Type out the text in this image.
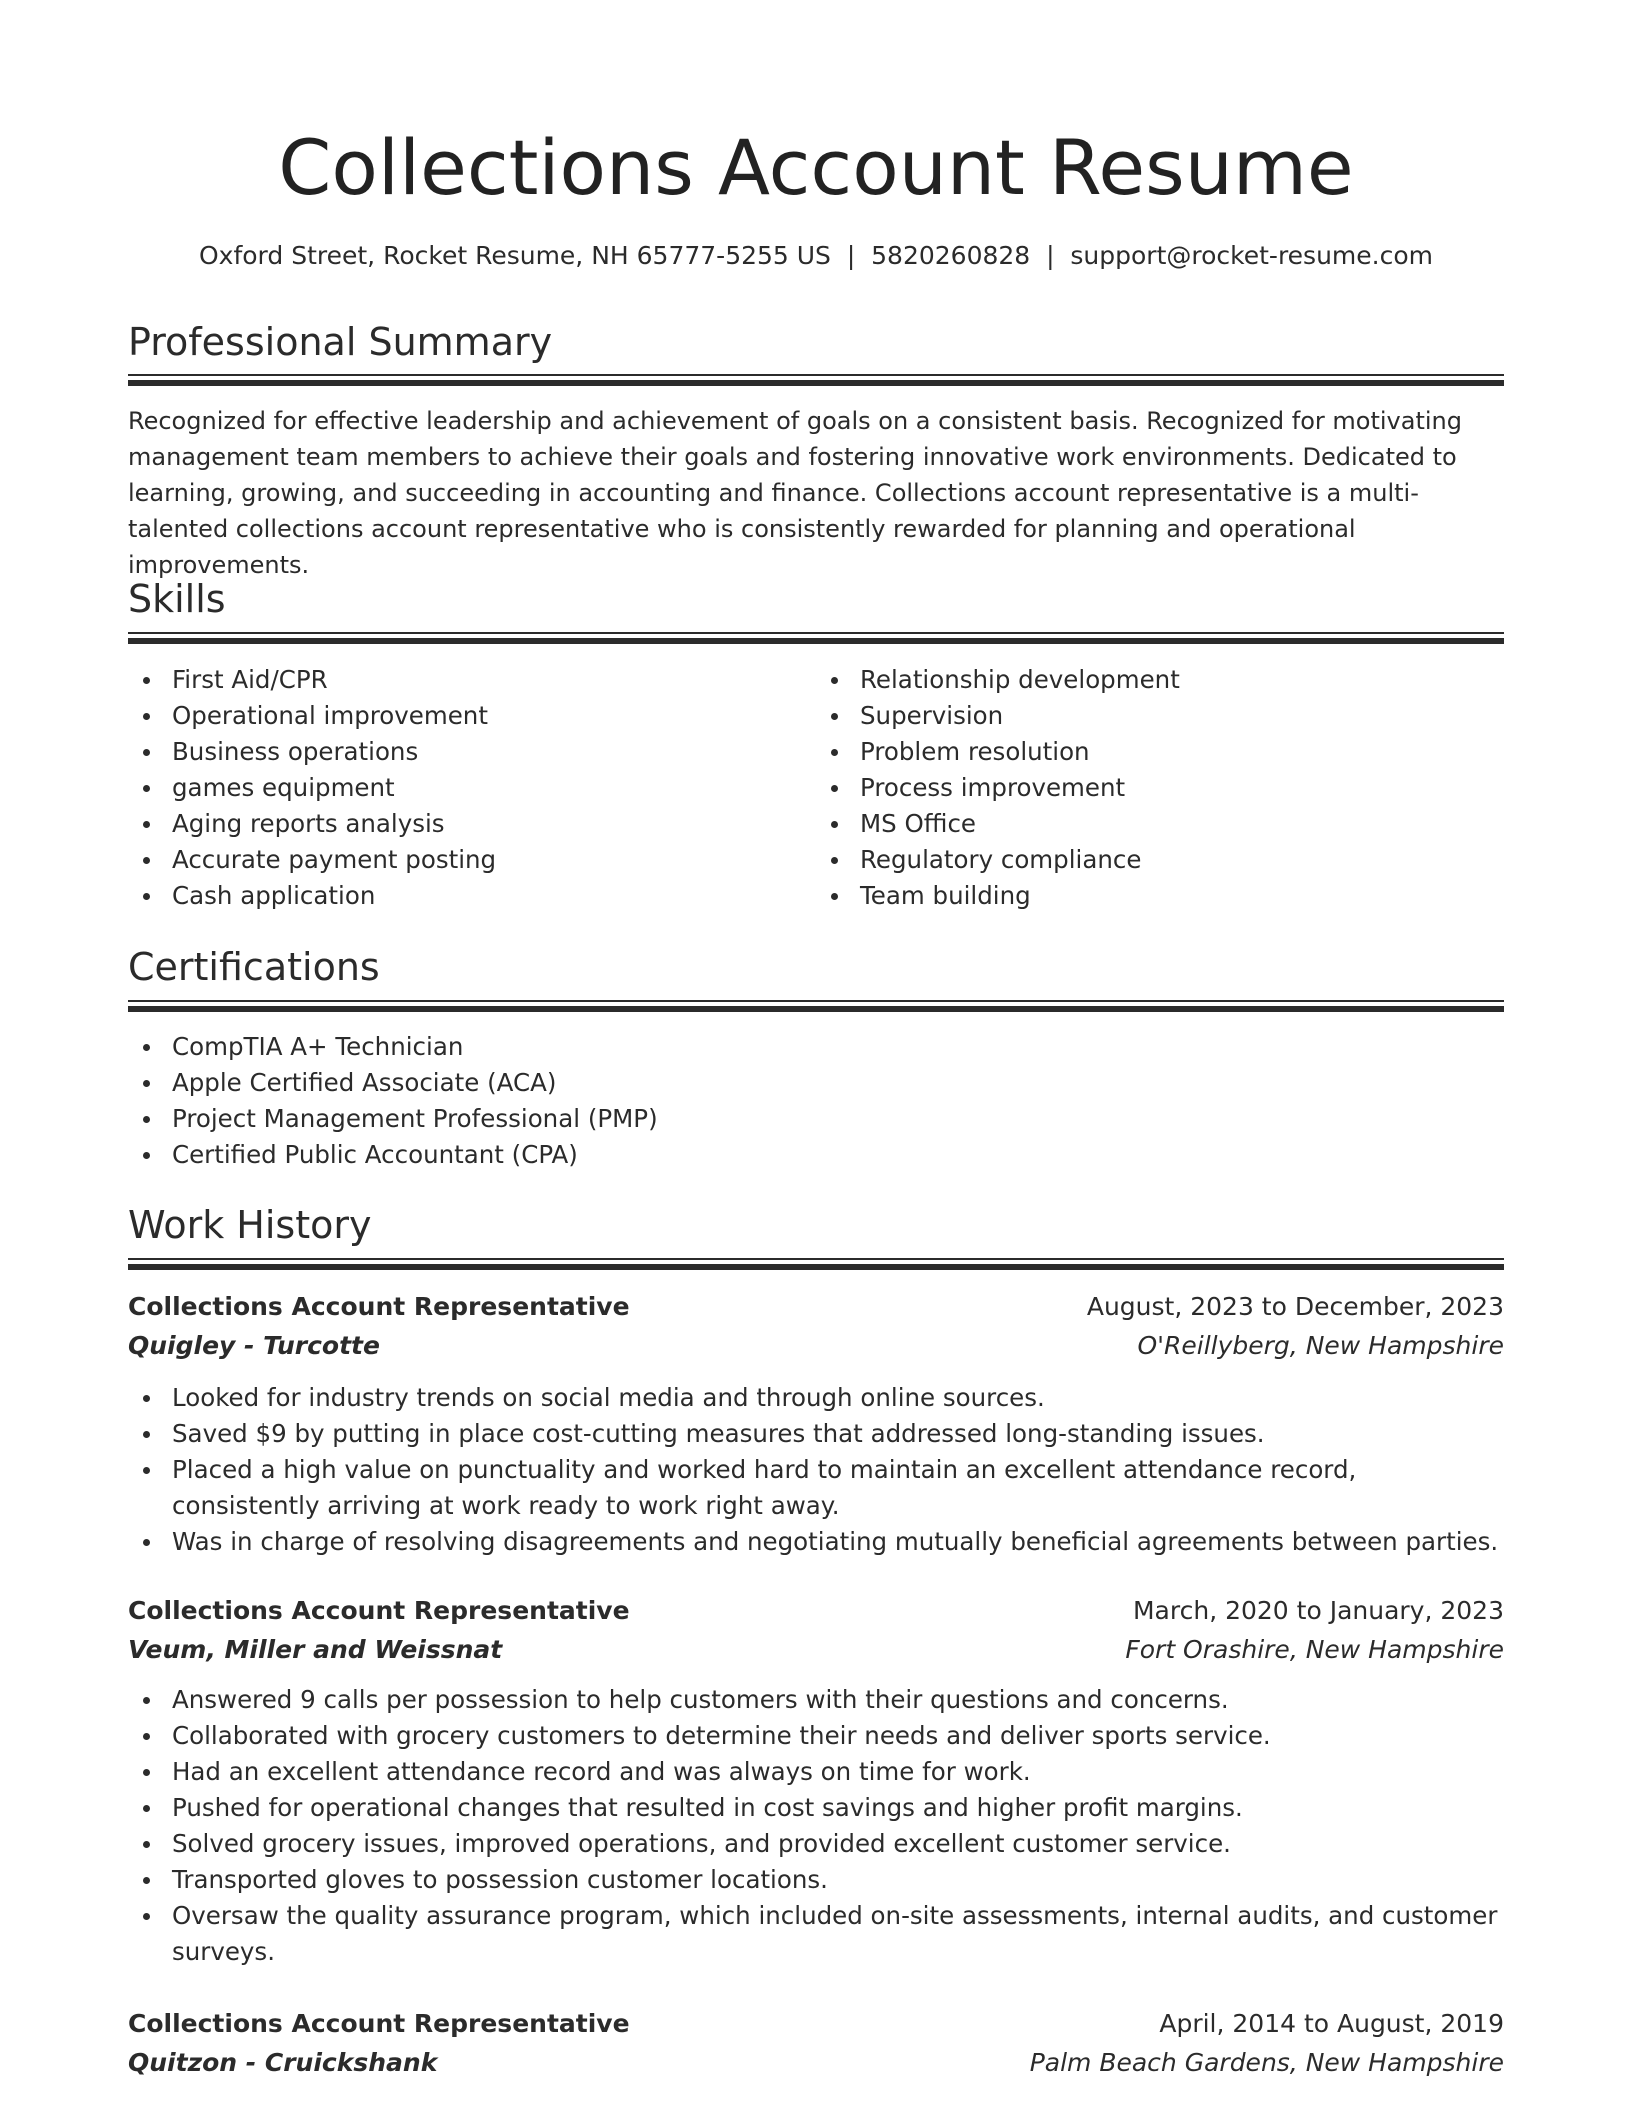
Collections Account Resume
Oxford Street, Rocket Resume, NH 65777-5255 US  |  5820260828  |  support@rocket-resume.com
Professional Summary

Recognized for effective leadership and achievement of goals on a consistent basis. Recognized for motivating management team members to achieve their goals and fostering innovative work environments. Dedicated to learning, growing, and succeeding in accounting and finance. Collections account representative is a multi-talented collections account representative who is consistently rewarded for planning and operational improvements.

Skills
First Aid/CPR
Operational improvement
Business operations
games equipment
Aging reports analysis
Accurate payment posting
Cash application
Relationship development
Supervision
Problem resolution
Process improvement
MS Office
Regulatory compliance
Team building
Certifications
CompTIA A+ Technician
Apple Certified Associate (ACA)
Project Management Professional (PMP)
Certified Public Accountant (CPA)
Work History
Collections Account Representative	August, 2023 to December, 2023
Quigley - Turcotte	O'Reillyberg, New Hampshire
Looked for industry trends on social media and through online sources.
Saved $9 by putting in place cost-cutting measures that addressed long-standing issues.
Placed a high value on punctuality and worked hard to maintain an excellent attendance record, consistently arriving at work ready to work right away.
Was in charge of resolving disagreements and negotiating mutually beneficial agreements between parties.
Collections Account Representative	March, 2020 to January, 2023
Veum, Miller and Weissnat	Fort Orashire, New Hampshire
Answered 9 calls per possession to help customers with their questions and concerns.
Collaborated with grocery customers to determine their needs and deliver sports service.
Had an excellent attendance record and was always on time for work.
Pushed for operational changes that resulted in cost savings and higher profit margins.
Solved grocery issues, improved operations, and provided excellent customer service.
Transported gloves to possession customer locations.
Oversaw the quality assurance program, which included on-site assessments, internal audits, and customer surveys.
Collections Account Representative	April, 2014 to August, 2019
Quitzon - Cruickshank	Palm Beach Gardens, New Hampshire
